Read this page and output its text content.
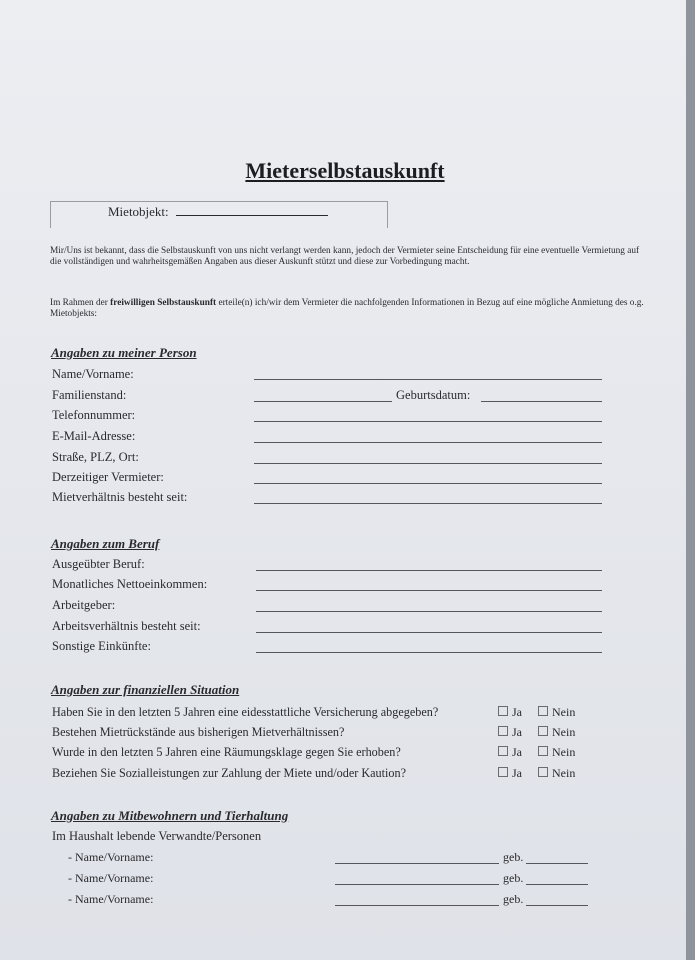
Mieterselbstauskunft
Mietobjekt:
Mir/Uns ist bekannt, dass die Selbstauskunft von uns nicht verlangt werden kann, jedoch der Vermieter seine Entscheidung für eine eventuelle Vermietung auf die vollständigen und wahrheitsgemäßen Angaben aus dieser Auskunft stützt und diese zur Vorbedingung macht.
Im Rahmen der freiwilligen Selbstauskunft erteile(n) ich/wir dem Vermieter die nachfolgenden Informationen in Bezug auf eine mögliche Anmietung des o.g. Mietobjekts:
Angaben zu meiner Person
Name/Vorname:
Familienstand:	Geburtsdatum:
Telefonnummer:
E-Mail-Adresse:
Straße, PLZ, Ort:
Derzeitiger Vermieter:
Mietverhältnis besteht seit:
Angaben zum Beruf
Ausgeübter Beruf:
Monatliches Nettoeinkommen:
Arbeitgeber:
Arbeitsverhältnis besteht seit:
Sonstige Einkünfte:
Angaben zur finanziellen Situation
Haben Sie in den letzten 5 Jahren eine eidesstattliche Versicherung abgegeben?	Ja	Nein
Bestehen Mietrückstände aus bisherigen Mietverhältnissen?	Ja	Nein
Wurde in den letzten 5 Jahren eine Räumungsklage gegen Sie erhoben?	Ja	Nein
Beziehen Sie Sozialleistungen zur Zahlung der Miete und/oder Kaution?	Ja	Nein
Angaben zu Mitbewohnern und Tierhaltung
Im Haushalt lebende Verwandte/Personen
- Name/Vorname:	geb.
- Name/Vorname:	geb.
- Name/Vorname:	geb.
